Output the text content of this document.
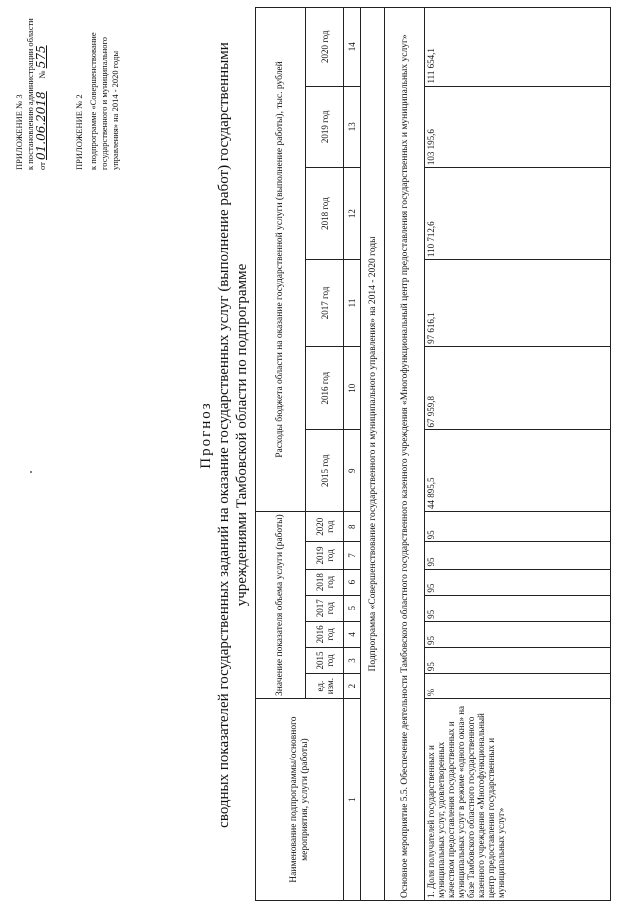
ПРИЛОЖЕНИЕ № 3 к постановлению администрации области от 01.06.2018      № 575
ПРИЛОЖЕНИЕ № 2 к подпрограмме «Совершенствование государственного и муниципального управления» на 2014 - 2020 годы
Прогноз сводных показателей государственных заданий на оказание государственных услуг (выполнение работ) государственными учреждениями Тамбовской области по подпрограмме
Наименование подпрограммы/основного мероприятия, услуги (работы)	Значение показателя объема услуги (работы)							Расходы бюджета области на оказание государственной услуги (выполнение работы), тыс. рублей					
	ед. изм.	2015 год	2016 год	2017 год	2018 год	2019 год	2020 год	2015 год	2016 год	2017 год	2018 год	2019 год	2020 год
1	2	3	4	5	6	7	8	9	10	11	12	13	14
Подпрограмма «Совершенствование государственного и муниципального управления» на 2014 - 2020 годы													
Основное мероприятие 5.5. Обеспечение деятельности Тамбовского областного государственного казенного учреждения «Многофункциональный центр предоставления государственных и муниципальных услуг»													
1. Доля получателей государственных и муниципальных услуг, удовлетворенных качеством предоставления государственных и муниципальных услуг в режиме «одного окна» на базе Тамбовского областного государственного казенного учреждения «Многофункциональный центр предоставления государственных и муниципальных услуг»	%	95	95	95	95	95	95	44 895,5	67 959,8	97 616,1	110 712,6	103 195,6	111 654,1
